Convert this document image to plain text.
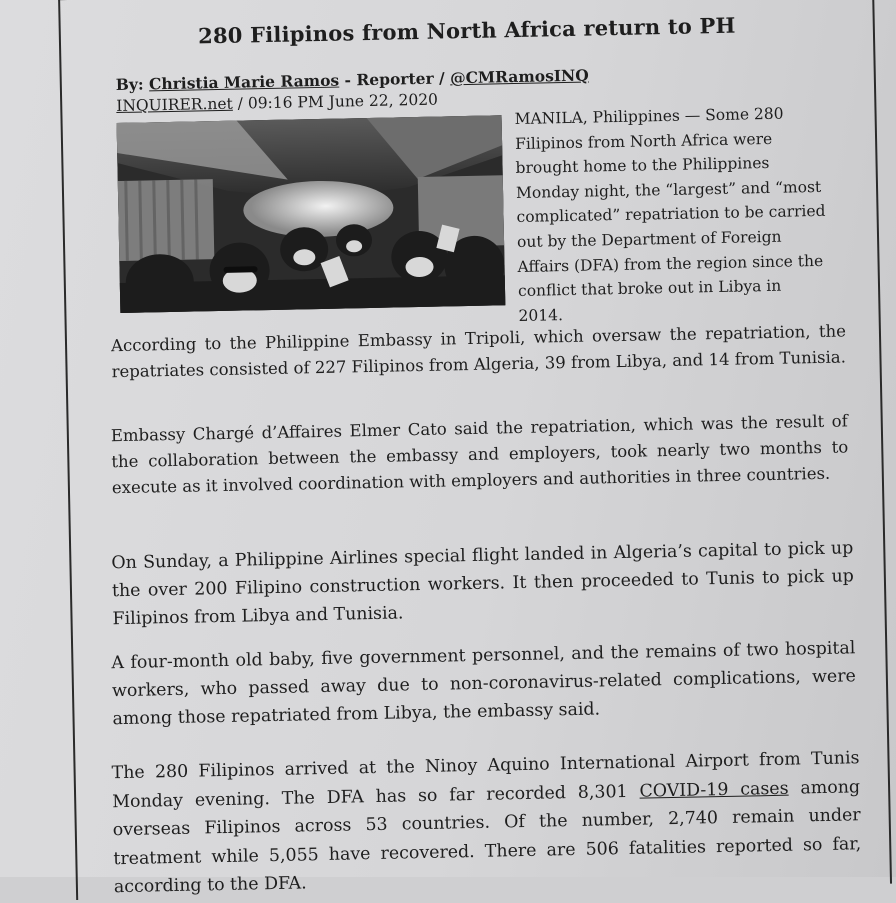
280 Filipinos from North Africa return to PH
By: Christia Marie Ramos - Reporter / @CMRamosINQ
INQUIRER.net / 09:16 PM June 22, 2020
MANILA, Philippines — Some 280 Filipinos from North Africa were brought home to the Philippines Monday night, the “largest” and “most complicated” repatriation to be carried out by the Department of Foreign Affairs (DFA) from the region since the conflict that broke out in Libya in 2014.
According to the Philippine Embassy in Tripoli, which oversaw the repatriation, the repatriates consisted of 227 Filipinos from Algeria, 39 from Libya, and 14 from Tunisia.
Embassy Chargé d’Affaires Elmer Cato said the repatriation, which was the result of the collaboration between the embassy and employers, took nearly two months to execute as it involved coordination with employers and authorities in three countries.
On Sunday, a Philippine Airlines special flight landed in Algeria’s capital to pick up the over 200 Filipino construction workers. It then proceeded to Tunis to pick up Filipinos from Libya and Tunisia.
A four-month old baby, five government personnel, and the remains of two hospital workers, who passed away due to non-coronavirus-related complications, were among those repatriated from Libya, the embassy said.
The 280 Filipinos arrived at the Ninoy Aquino International Airport from Tunis Monday evening. The DFA has so far recorded 8,301 COVID-19 cases among overseas Filipinos across 53 countries. Of the number, 2,740 remain under treatment while 5,055 have recovered. There are 506 fatalities reported so far, according to the DFA.
